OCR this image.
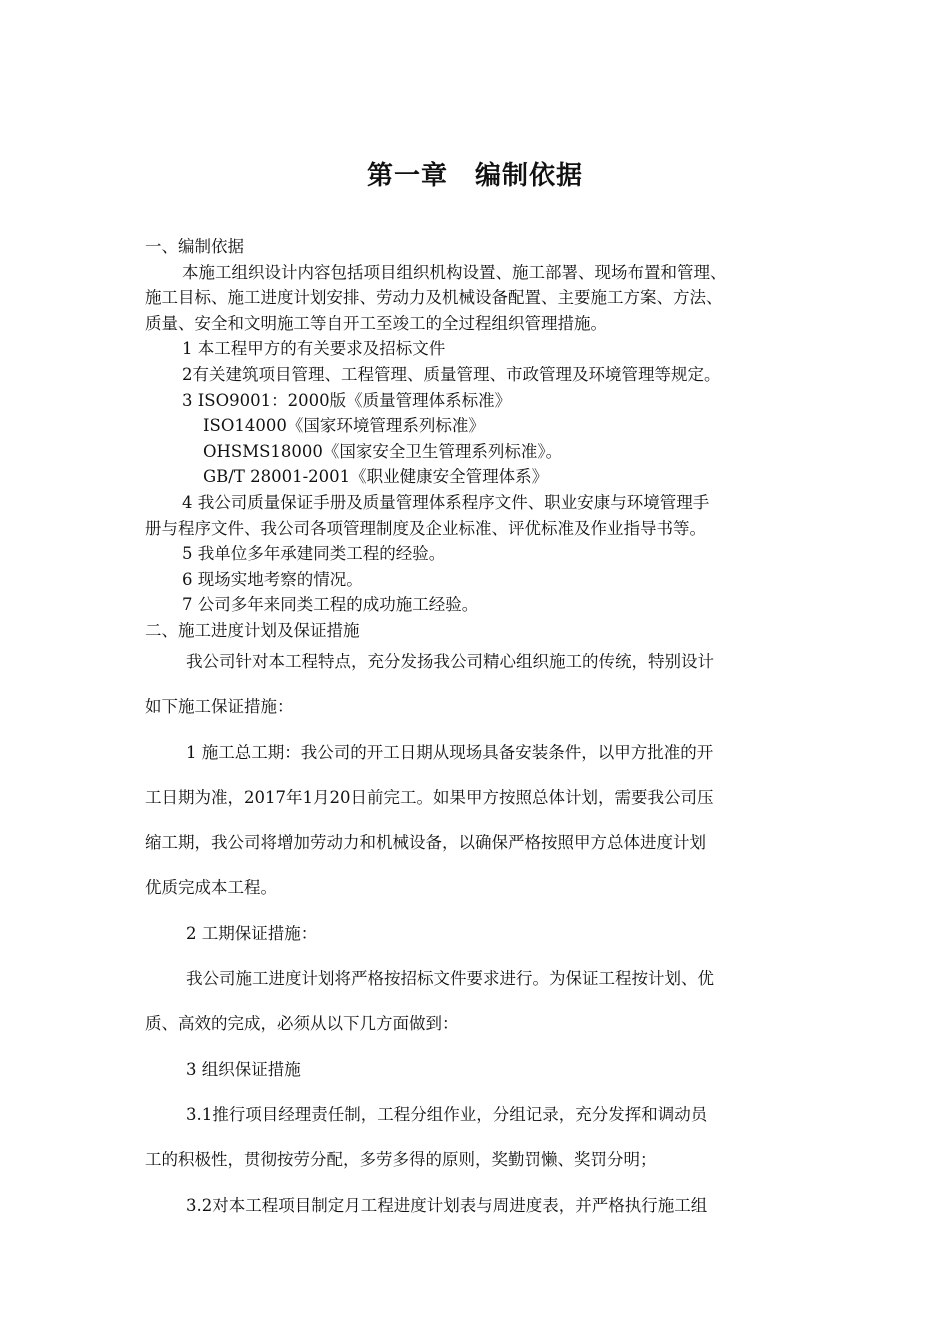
第一章　编制依据
一、编制依据
本施工组织设计内容包括项目组织机构设置、施工部署、现场布置和管理、
施工目标、施工进度计划安排、劳动力及机械设备配置、主要施工方案、方法、
质量、安全和文明施工等自开工至竣工的全过程组织管理措施。
1 本工程甲方的有关要求及招标文件
2有关建筑项目管理、工程管理、质量管理、市政管理及环境管理等规定。
3 ISO9001：2000版《质量管理体系标准》
ISO14000《国家环境管理系列标准》
OHSMS18000《国家安全卫生管理系列标准》。
GB/T 28001-2001《职业健康安全管理体系》
4 我公司质量保证手册及质量管理体系程序文件、职业安康与环境管理手
册与程序文件、我公司各项管理制度及企业标准、评优标准及作业指导书等。
5 我单位多年承建同类工程的经验。
6 现场实地考察的情况。
7 公司多年来同类工程的成功施工经验。
二、施工进度计划及保证措施
我公司针对本工程特点，充分发扬我公司精心组织施工的传统，特别设计
如下施工保证措施：
1 施工总工期：我公司的开工日期从现场具备安装条件，以甲方批准的开
工日期为准，2017年1月20日前完工。如果甲方按照总体计划，需要我公司压
缩工期，我公司将增加劳动力和机械设备，以确保严格按照甲方总体进度计划
优质完成本工程。
2 工期保证措施：
我公司施工进度计划将严格按招标文件要求进行。为保证工程按计划、优
质、高效的完成，必须从以下几方面做到：
3 组织保证措施
3.1推行项目经理责任制，工程分组作业，分组记录，充分发挥和调动员
工的积极性，贯彻按劳分配，多劳多得的原则，奖勤罚懒、奖罚分明；
3.2对本工程项目制定月工程进度计划表与周进度表，并严格执行施工组
